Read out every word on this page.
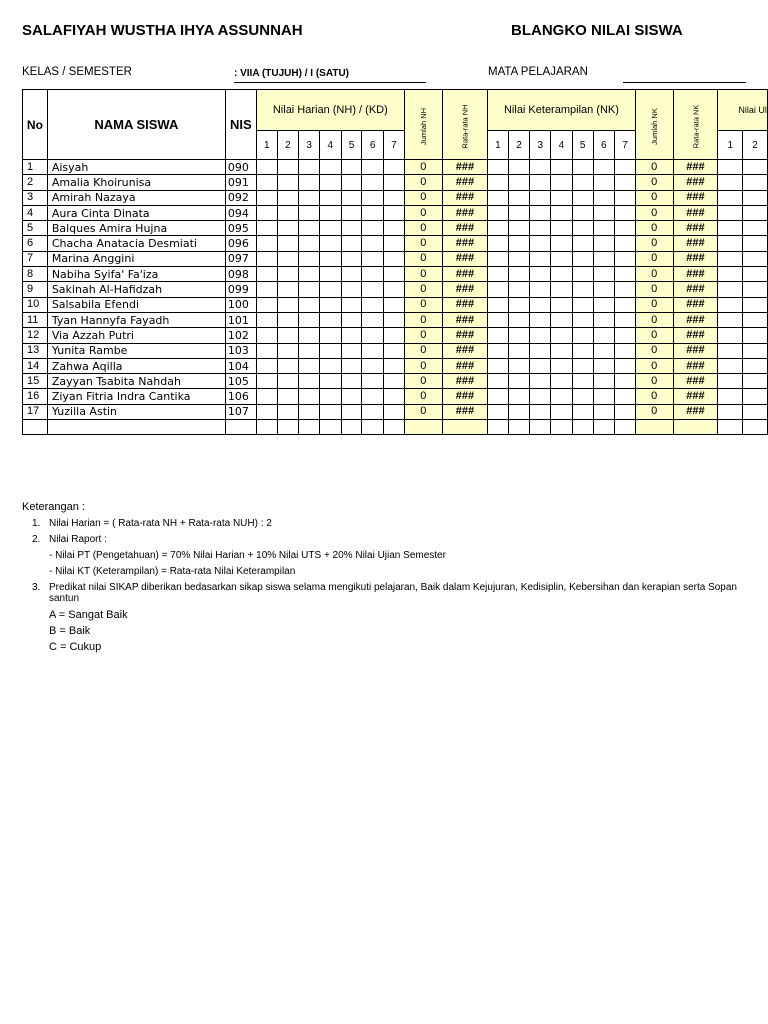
SALAFIYAH WUSTHA IHYA ASSUNNAH	BLANGKO NILAI SISWA
KELAS / SEMESTER	: VIIA (TUJUH) / I (SATU)	MATA PELAJARAN
No	NAMA SISWA	NIS	Nilai Harian (NH) / (KD)							Jumlah NH	Rata-rata NH	Nilai Keterampilan (NK)							Jumlah NK	Rata-rata NK	Nilai Ul	
			1	2	3	4	5	6	7			1	2	3	4	5	6	7			1	2
1	Aisyah	090								0	###								0	###		
2	Amalia Khoirunisa	091								0	###								0	###		
3	Amirah Nazaya	092								0	###								0	###		
4	Aura Cinta Dinata	094								0	###								0	###		
5	Balques Amira Hujna	095								0	###								0	###		
6	Chacha Anatacia Desmiati	096								0	###								0	###		
7	Marina Anggini	097								0	###								0	###		
8	Nabiha Syifa' Fa'iza	098								0	###								0	###		
9	Sakinah Al-Hafidzah	099								0	###								0	###		
10	Salsabila Efendi	100								0	###								0	###		
11	Tyan Hannyfa Fayadh	101								0	###								0	###		
12	Via Azzah Putri	102								0	###								0	###		
13	Yunita Rambe	103								0	###								0	###		
14	Zahwa Aqilla	104								0	###								0	###		
15	Zayyan Tsabita Nahdah	105								0	###								0	###		
16	Ziyan Fitria Indra Cantika	106								0	###								0	###		
17	Yuzilla Astin	107								0	###								0	###		

Keterangan :
1. Nilai Harian = ( Rata-rata NH + Rata-rata NUH) : 2
2. Nilai Raport :
- Nilai PT (Pengetahuan) = 70% Nilai Harian + 10% Nilai UTS + 20% Nilai Ujian Semester
- Nilai KT (Keterampilan) = Rata-rata Nilai Keterampilan
3. Predikat nilai SIKAP diberikan bedasarkan sikap siswa selama mengikuti pelajaran, Baik dalam Kejujuran, Kedisiplin, Kebersihan dan kerapian serta Sopan santun
A = Sangat Baik
B = Baik
C = Cukup
